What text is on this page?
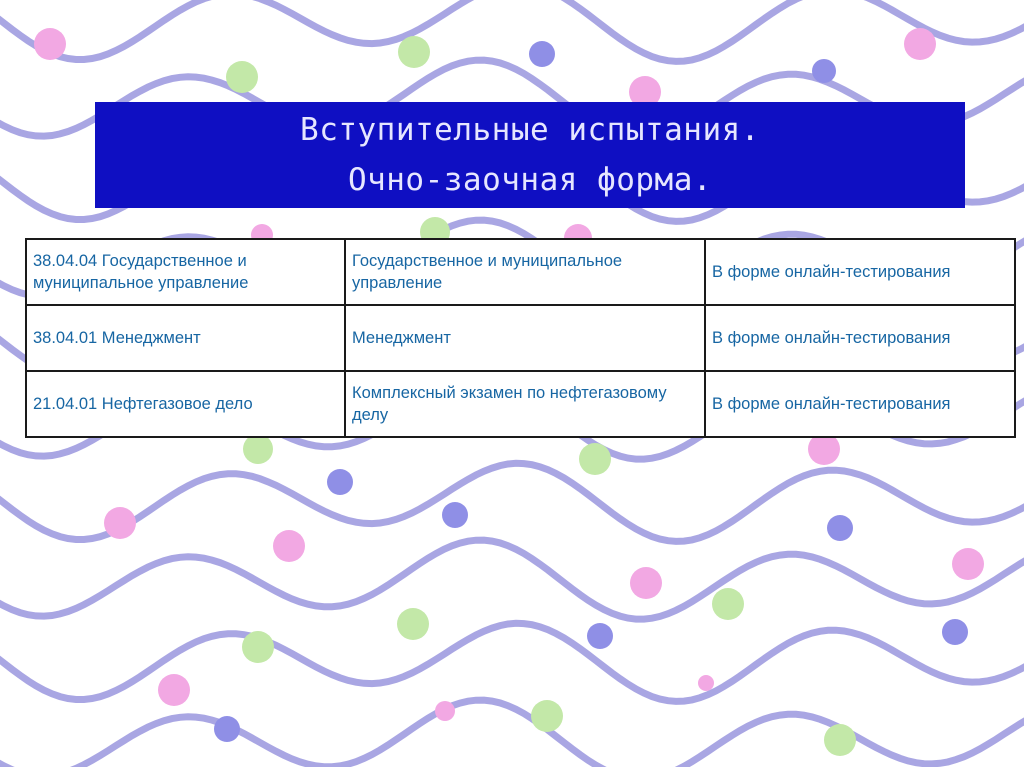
Вступительные испытания.
Очно-заочная форма.
38.04.04 Государственное и муниципальное управление	Государственное и муниципальное управление	В форме онлайн-тестирования
38.04.01 Менеджмент	Менеджмент	В форме онлайн-тестирования
21.04.01 Нефтегазовое дело	Комплексный экзамен по нефтегазовому делу	В форме онлайн-тестирования
